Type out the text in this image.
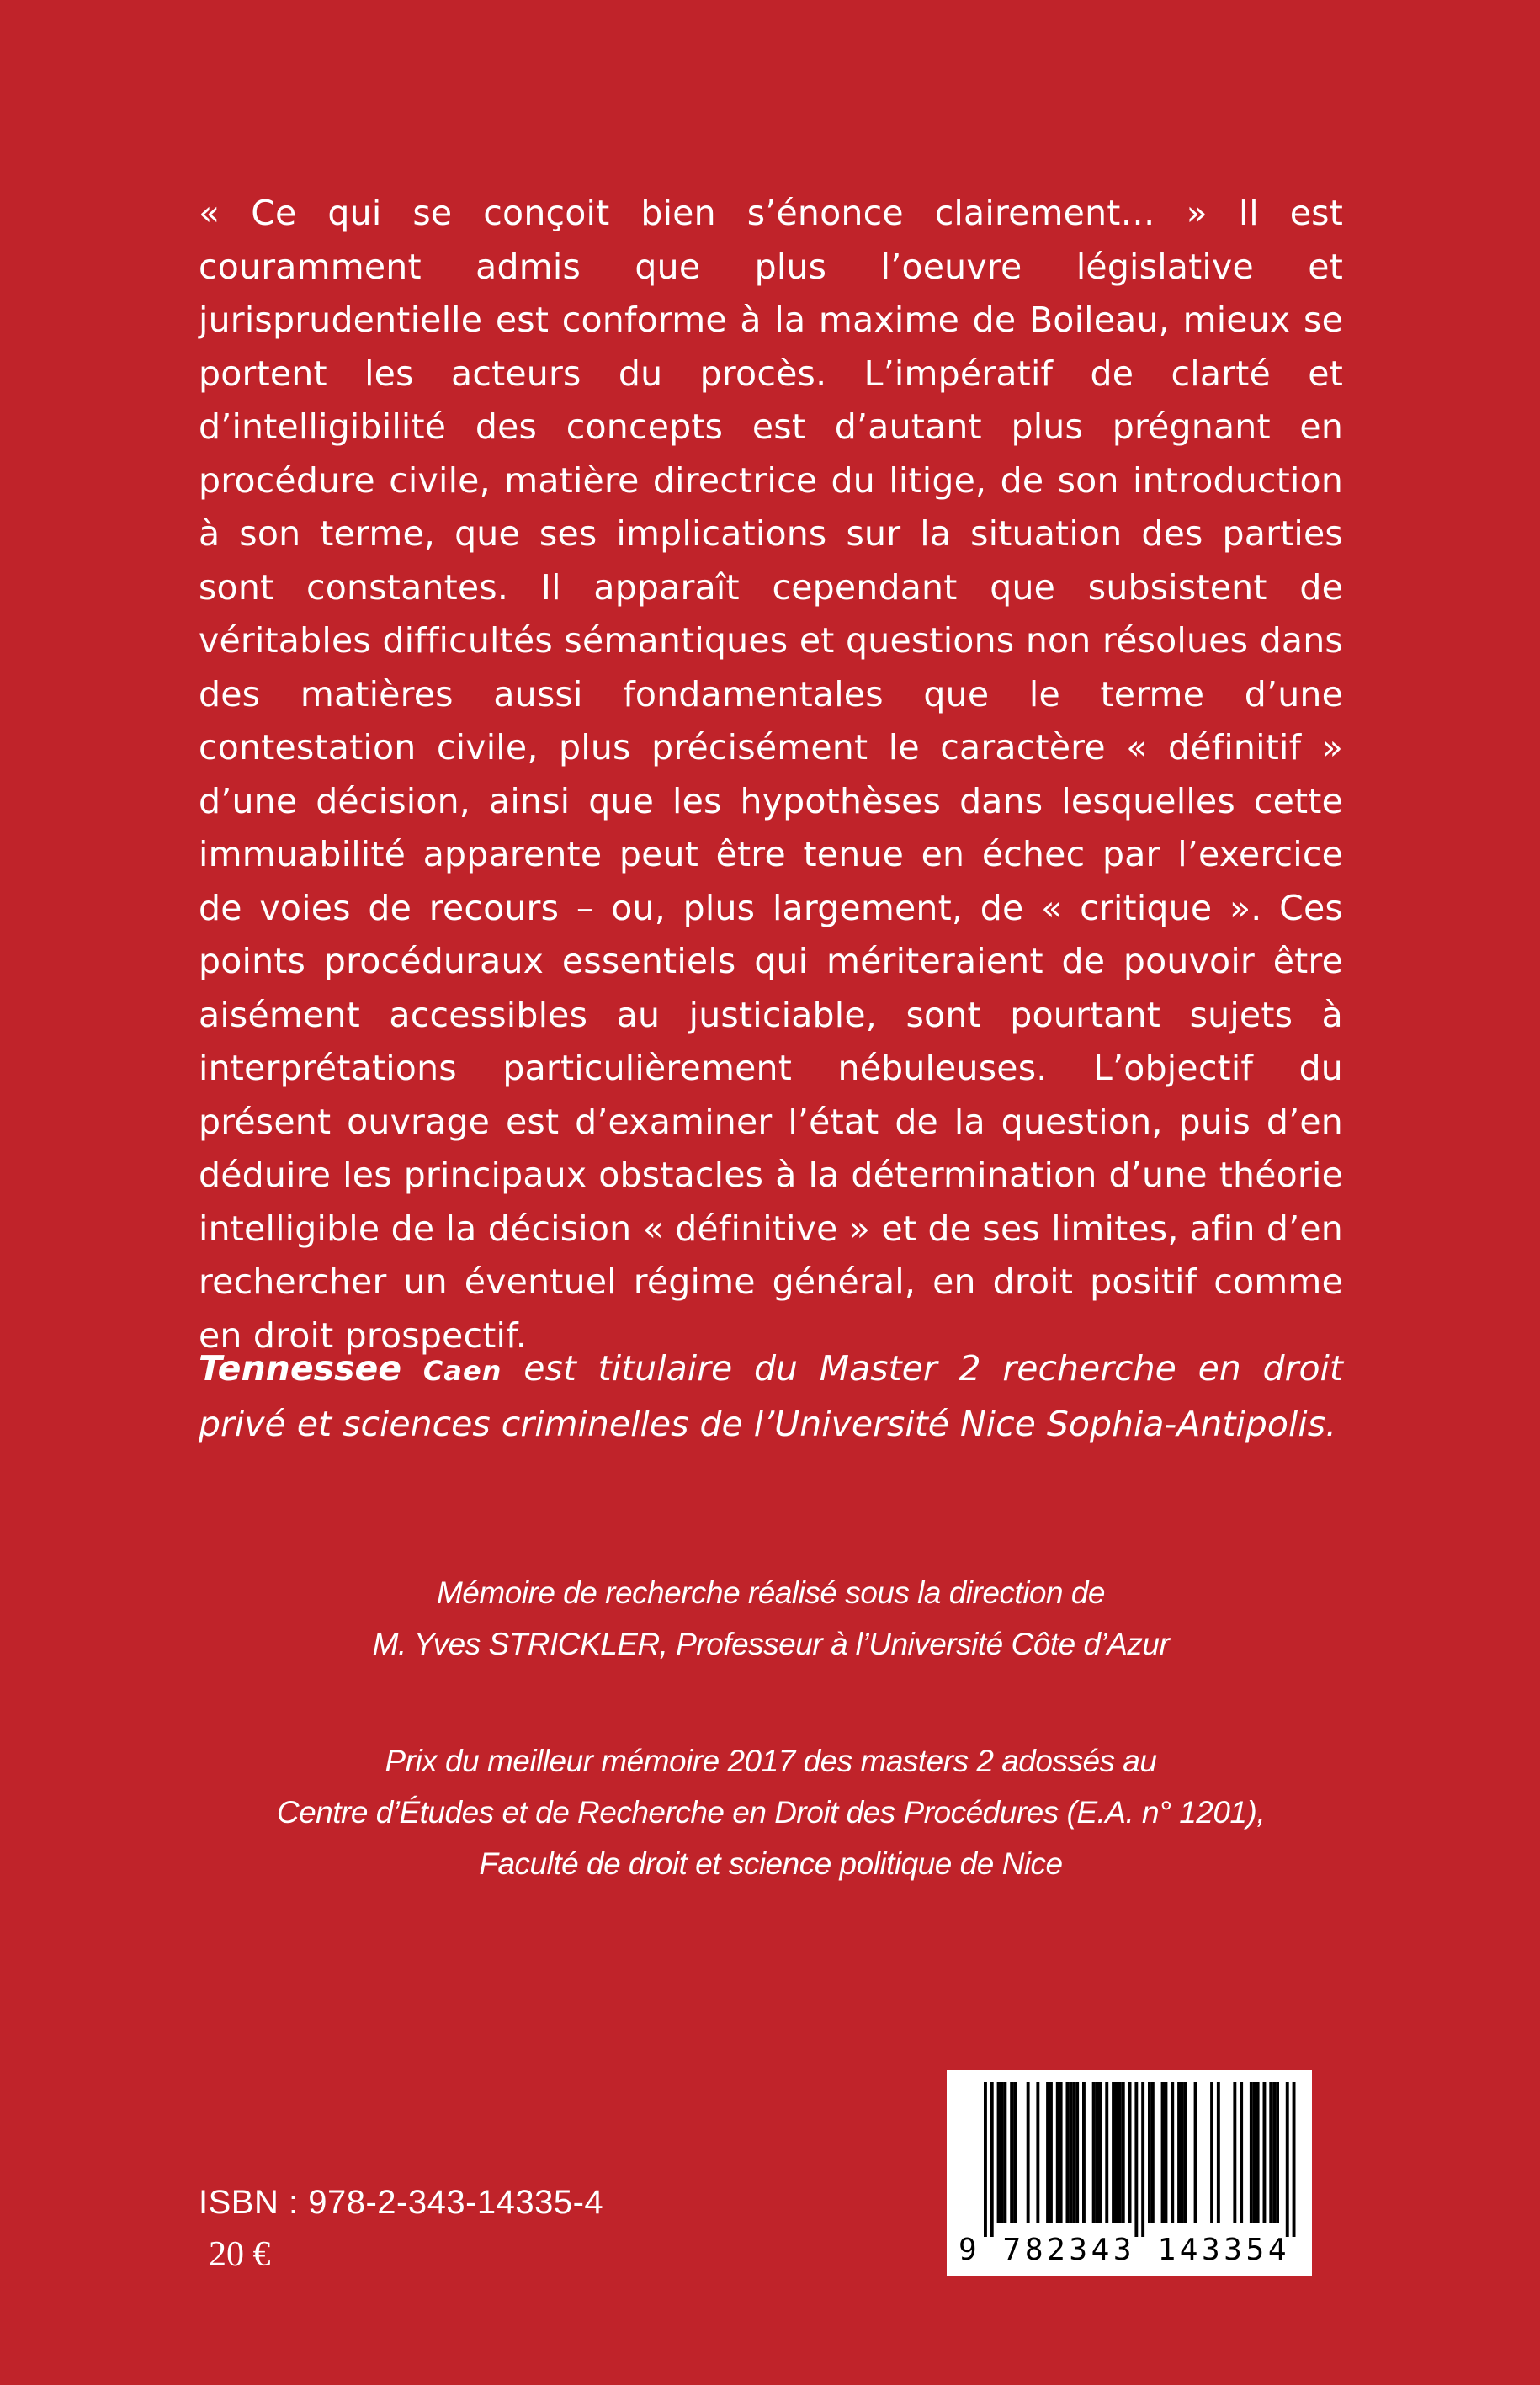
« Ce qui se conçoit bien s’énonce clairement… » Il est couramment admis que plus l’oeuvre législative et jurisprudentielle est conforme à la maxime de Boileau, mieux se portent les acteurs du procès. L’impératif de clarté et d’intelligibilité des concepts est d’autant plus prégnant en procédure civile, matière directrice du litige, de son introduction à son terme, que ses implications sur la situation des parties sont constantes. Il apparaît cependant que subsistent de véritables difficultés sémantiques et questions non résolues dans des matières aussi fondamentales que le terme d’une contestation civile, plus précisément le caractère « définitif » d’une décision, ainsi que les hypothèses dans lesquelles cette immuabilité apparente peut être tenue en échec par l’exercice de voies de recours – ou, plus largement, de « critique ». Ces points procéduraux essentiels qui mériteraient de pouvoir être aisément accessibles au justiciable, sont pourtant sujets à interprétations particulièrement nébuleuses. L’objectif du présent ouvrage est d’examiner l’état de la question, puis d’en déduire les principaux obstacles à la détermination d’une théorie intelligible de la décision « définitive » et de ses limites, afin d’en rechercher un éventuel régime général, en droit positif comme en droit prospectif.

Tennessee Caen est titulaire du Master 2 recherche en droit privé et sciences criminelles de l’Université Nice Sophia-Antipolis.

Mémoire de recherche réalisé sous la direction de
M. Yves STRICKLER, Professeur à l’Université Côte d’Azur
Prix du meilleur mémoire 2017 des masters 2 adossés au
Centre d’Études et de Recherche en Droit des Procédures (E.A. n° 1201),
Faculté de droit et science politique de Nice

ISBN : 978-2-343-14335-4

20 €	9 782343 143354
